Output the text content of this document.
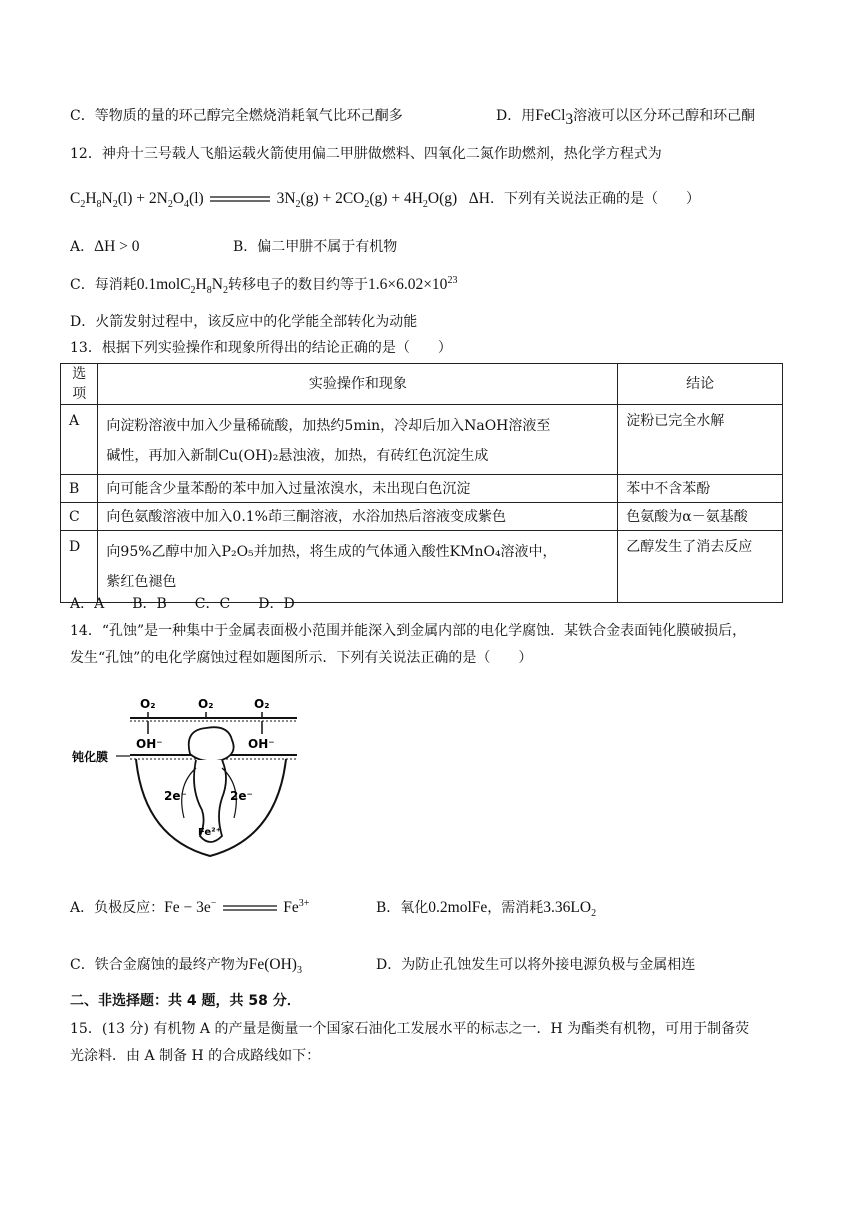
C．等物质的量的环己醇完全燃烧消耗氧气比环己酮多	D．用FeCl$_3$溶液可以区分环己醇和环己酮
12．神舟十三号载人飞船运载火箭使用偏二甲肼做燃料、四氧化二氮作助燃剂，热化学方程式为
$C_2H_8N_2(l) + 2N_2O_4(l)$	$3N_2(g) + 2CO_2(g) + 4H_2O(g)$   ΔH．下列有关说法正确的是（　　）
A．ΔH > 0	B．偏二甲肼不属于有机物
C．每消耗$0.1molC_2H_8N_2$转移电子的数目约等于$1.6\times 6.02\times 10^{23}$
D．火箭发射过程中，该反应中的化学能全部转化为动能
13．根据下列实验操作和现象所得出的结论正确的是（　　）
选项	实验操作和现象	结论
A	向淀粉溶液中加入少量稀硫酸，加热约5min，冷却后加入NaOH溶液至
碱性，再加入新制Cu(OH)₂悬浊液，加热，有砖红色沉淀生成	淀粉已完全水解
B	向可能含少量苯酚的苯中加入过量浓溴水，未出现白色沉淀	苯中不含苯酚
C	向色氨酸溶液中加入0.1%茚三酮溶液，水浴加热后溶液变成紫色	色氨酸为α－氨基酸
D	向95%乙醇中加入P₂O₅并加热，将生成的气体通入酸性KMnO₄溶液中，
紫红色褪色	乙醇发生了消去反应
A．A　　B．B　　C．C　　D．D
14．“孔蚀”是一种集中于金属表面极小范围并能深入到金属内部的电化学腐蚀．某铁合金表面钝化膜破损后，
发生“孔蚀”的电化学腐蚀过程如题图所示．下列有关说法正确的是（　　）
O₂	O₂	O₂
OH⁻	OH⁻
钝化膜
2e⁻	2e⁻
Fe²⁺
A．负极反应：Fe − 3e−	$Fe^{3+}$	B．氧化0.2molFe，需消耗$3.36LO_2$
C．铁合金腐蚀的最终产物为$Fe(OH)_3$	D．为防止孔蚀发生可以将外接电源负极与金属相连
二、非选择题：共 4 题，共 58 分．
15．(13 分) 有机物 A 的产量是衡量一个国家石油化工发展水平的标志之一．H 为酯类有机物，可用于制备荧
光涂料．由 A 制备 H 的合成路线如下：
